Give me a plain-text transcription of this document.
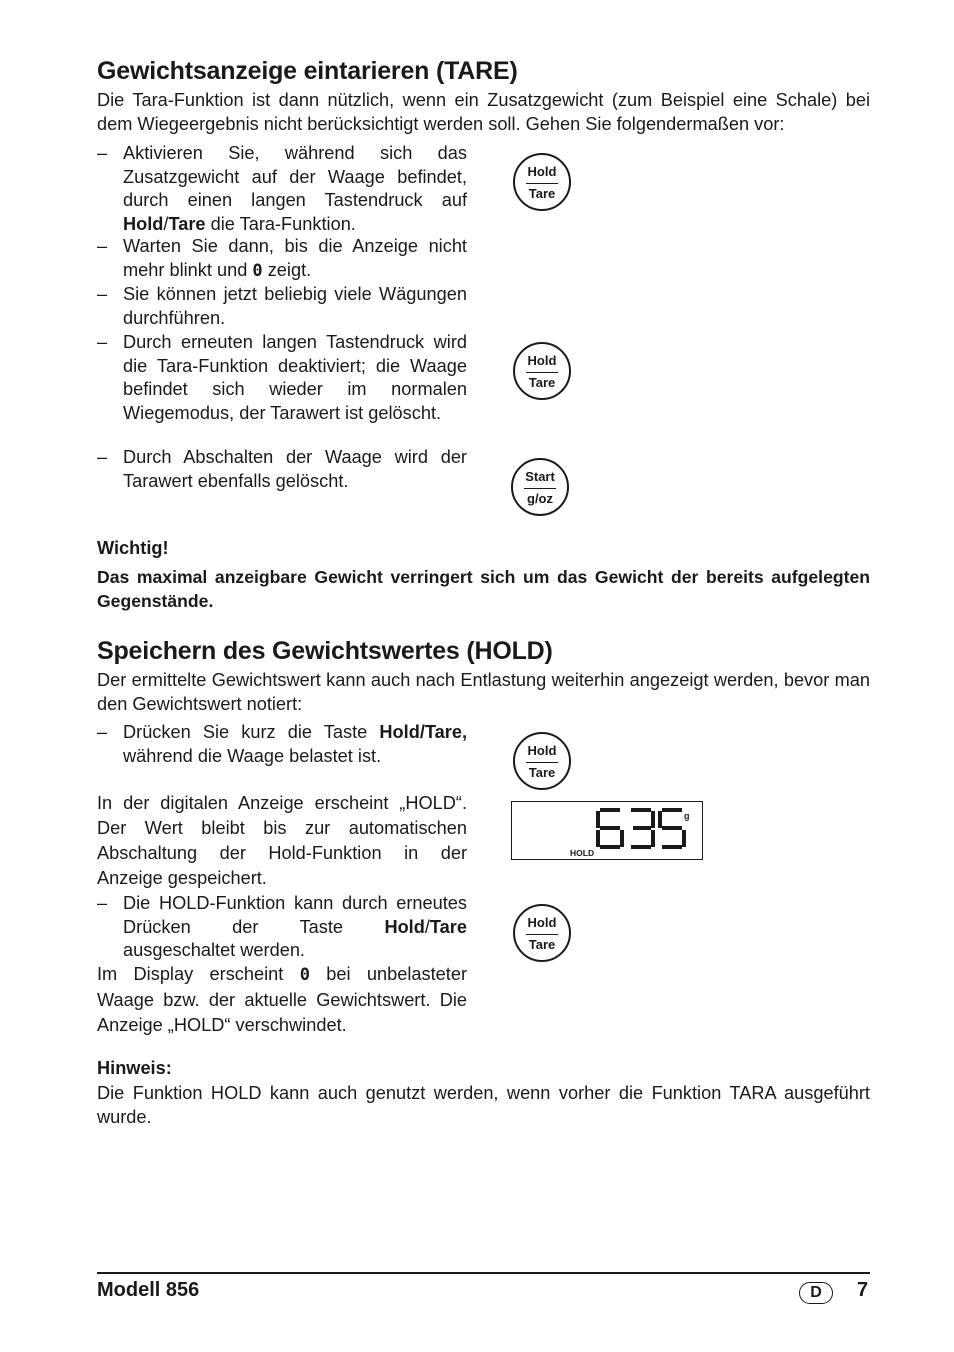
Gewichtsanzeige eintarieren (TARE)
Die Tara-Funktion ist dann nützlich, wenn ein Zusatzgewicht (zum Beispiel eine Schale) bei dem Wiegeergebnis nicht berücksichtigt werden soll. Gehen Sie folgendermaßen vor:
– Aktivieren Sie, während sich das Zusatzgewicht auf der Waage befindet, durch einen langen Tastendruck auf Hold/Tare die Tara-Funktion.
– Warten Sie dann, bis die Anzeige nicht mehr blinkt und 0 zeigt.
– Sie können jetzt beliebig viele Wägungen durchführen.
– Durch erneuten langen Tastendruck wird die Tara-Funktion deaktiviert; die Waage befindet sich wieder im normalen Wiegemodus, der Tarawert ist gelöscht.
– Durch Abschalten der Waage wird der Tarawert ebenfalls gelöscht.
Hold
Tare
Hold
Tare
Start
g/oz
Wichtig!
Das maximal anzeigbare Gewicht verringert sich um das Gewicht der bereits aufgelegten Gegenstände.
Speichern des Gewichtswertes (HOLD)
Der ermittelte Gewichtswert kann auch nach Entlastung weiterhin angezeigt werden, bevor man den Gewichtswert notiert:
– Drücken Sie kurz die Taste Hold/Tare, während die Waage belastet ist.
In der digitalen Anzeige erscheint „HOLD“. Der Wert bleibt bis zur automatischen Abschaltung der Hold-Funktion in der Anzeige gespeichert.
– Die HOLD-Funktion kann durch erneutes Drücken der Taste Hold/Tare ausgeschaltet werden.
Im Display erscheint 0 bei unbelasteter Waage bzw. der aktuelle Gewichtswert. Die Anzeige „HOLD“ verschwindet.
Hold
Tare
g
HOLD
Hold
Tare
Hinweis:
Die Funktion HOLD kann auch genutzt werden, wenn vorher die Funktion TARA ausgeführt wurde.
Modell 856	D	7
